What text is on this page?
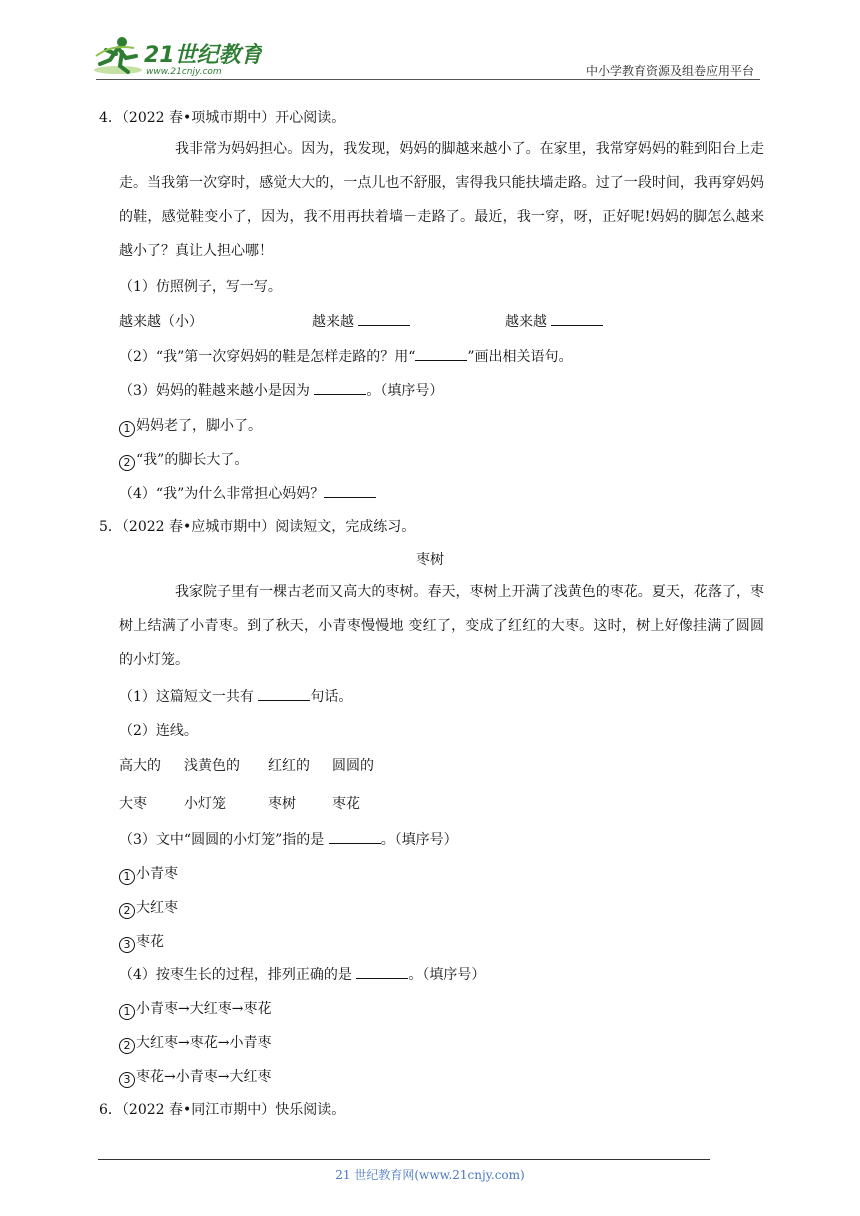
21世纪教育
www.21cnjy.com	中小学教育资源及组卷应用平台
4．（2022 春•项城市期中）开心阅读。
我非常为妈妈担心。因为，我发现，妈妈的脚越来越小了。在家里，我常穿妈妈的鞋到阳台上走走。当我第一次穿时，感觉大大的，一点儿也不舒服，害得我只能扶墙走路。过了一段时间，我再穿妈妈的鞋，感觉鞋变小了，因为，我不用再扶着墙－走路了。最近，我一穿，呀，正好呢!妈妈的脚怎么越来越小了？真让人担心哪！
（1）仿照例子，写一写。
越来越（小）	越来越	越来越
（2）“我”第一次穿妈妈的鞋是怎样走路的？用“	”画出相关语句。
（3）妈妈的鞋越来越小是因为	。（填序号）
1 妈妈老了，脚小了。
2 “我”的脚长大了。
（4）“我”为什么非常担心妈妈？
5．（2022 春•应城市期中）阅读短文，完成练习。
枣树
我家院子里有一棵古老而又高大的枣树。春天，枣树上开满了浅黄色的枣花。夏天，花落了，枣树上结满了小青枣。到了秋天，小青枣慢慢地 变红了，变成了红红的大枣。这时，树上好像挂满了圆圆的小灯笼。
（1）这篇短文一共有	句话。
（2）连线。
高大的 浅黄色的 红红的 圆圆的
大枣	小灯笼	枣树	枣花
（3）文中“圆圆的小灯笼”指的是	。（填序号）
1 小青枣
2 大红枣
3 枣花
（4）按枣生长的过程，排列正确的是	。（填序号）
1 小青枣→大红枣→枣花
2 大红枣→枣花→小青枣
3 枣花→小青枣→大红枣
6．（2022 春•同江市期中）快乐阅读。
21 世纪教育网(www.21cnjy.com)
